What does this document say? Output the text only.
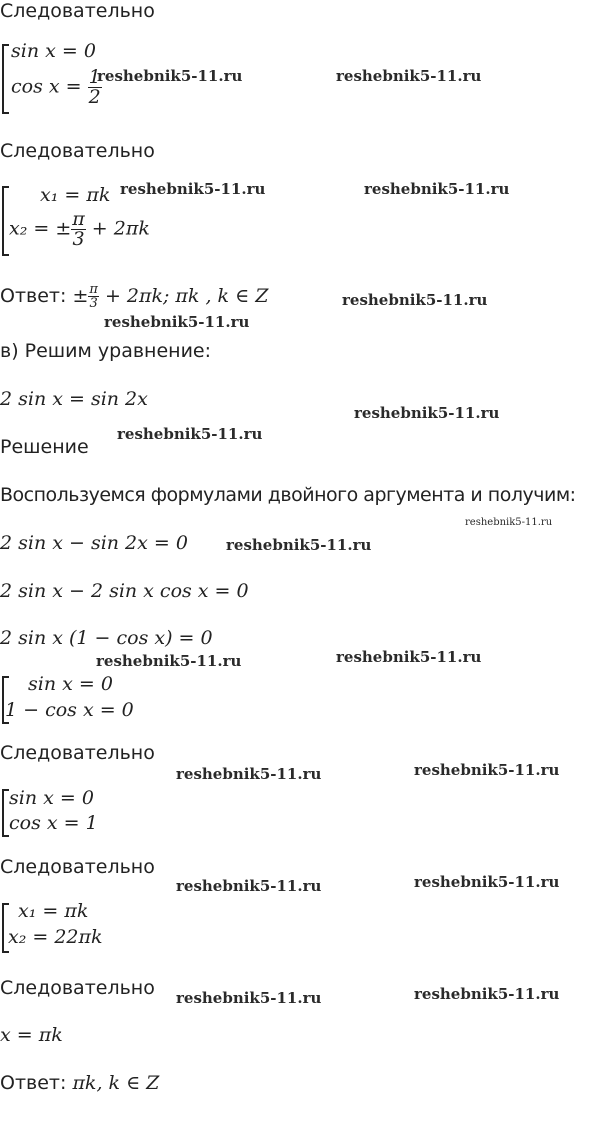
Следовательно
sin x = 0
$\cos x = \frac{1}{2}$
Следовательно
x₁ = πk
x₂ = ± $\frac{\pi}{3} + 2\pi k$
Ответ: ± $\frac{\pi}{3} + 2\pi k$; πk , k ∈ Z
в) Решим уравнение:
2 sin x = sin 2x
Решение
Воспользуемся формулами двойного аргумента и получим:
2 sin x − sin 2x = 0
2 sin x − 2 sin x cos x = 0
2 sin x (1 − cos x) = 0
sin x = 0
1 − cos x = 0
Следовательно
sin x = 0
cos x = 1
Следовательно
x₁ = πk
x₂ = 22πk
Следовательно
x = πk
Ответ: πk, k ∈ Z
reshebnik5-11.ru	reshebnik5-11.ru
reshebnik5-11.ru	reshebnik5-11.ru
reshebnik5-11.ru
reshebnik5-11.ru
reshebnik5-11.ru
reshebnik5-11.ru
reshebnik5-11.ru
reshebnik5-11.ru
reshebnik5-11.ru
reshebnik5-11.ru
reshebnik5-11.ru
reshebnik5-11.ru
reshebnik5-11.ru
reshebnik5-11.ru
reshebnik5-11.ru
reshebnik5-11.ru
